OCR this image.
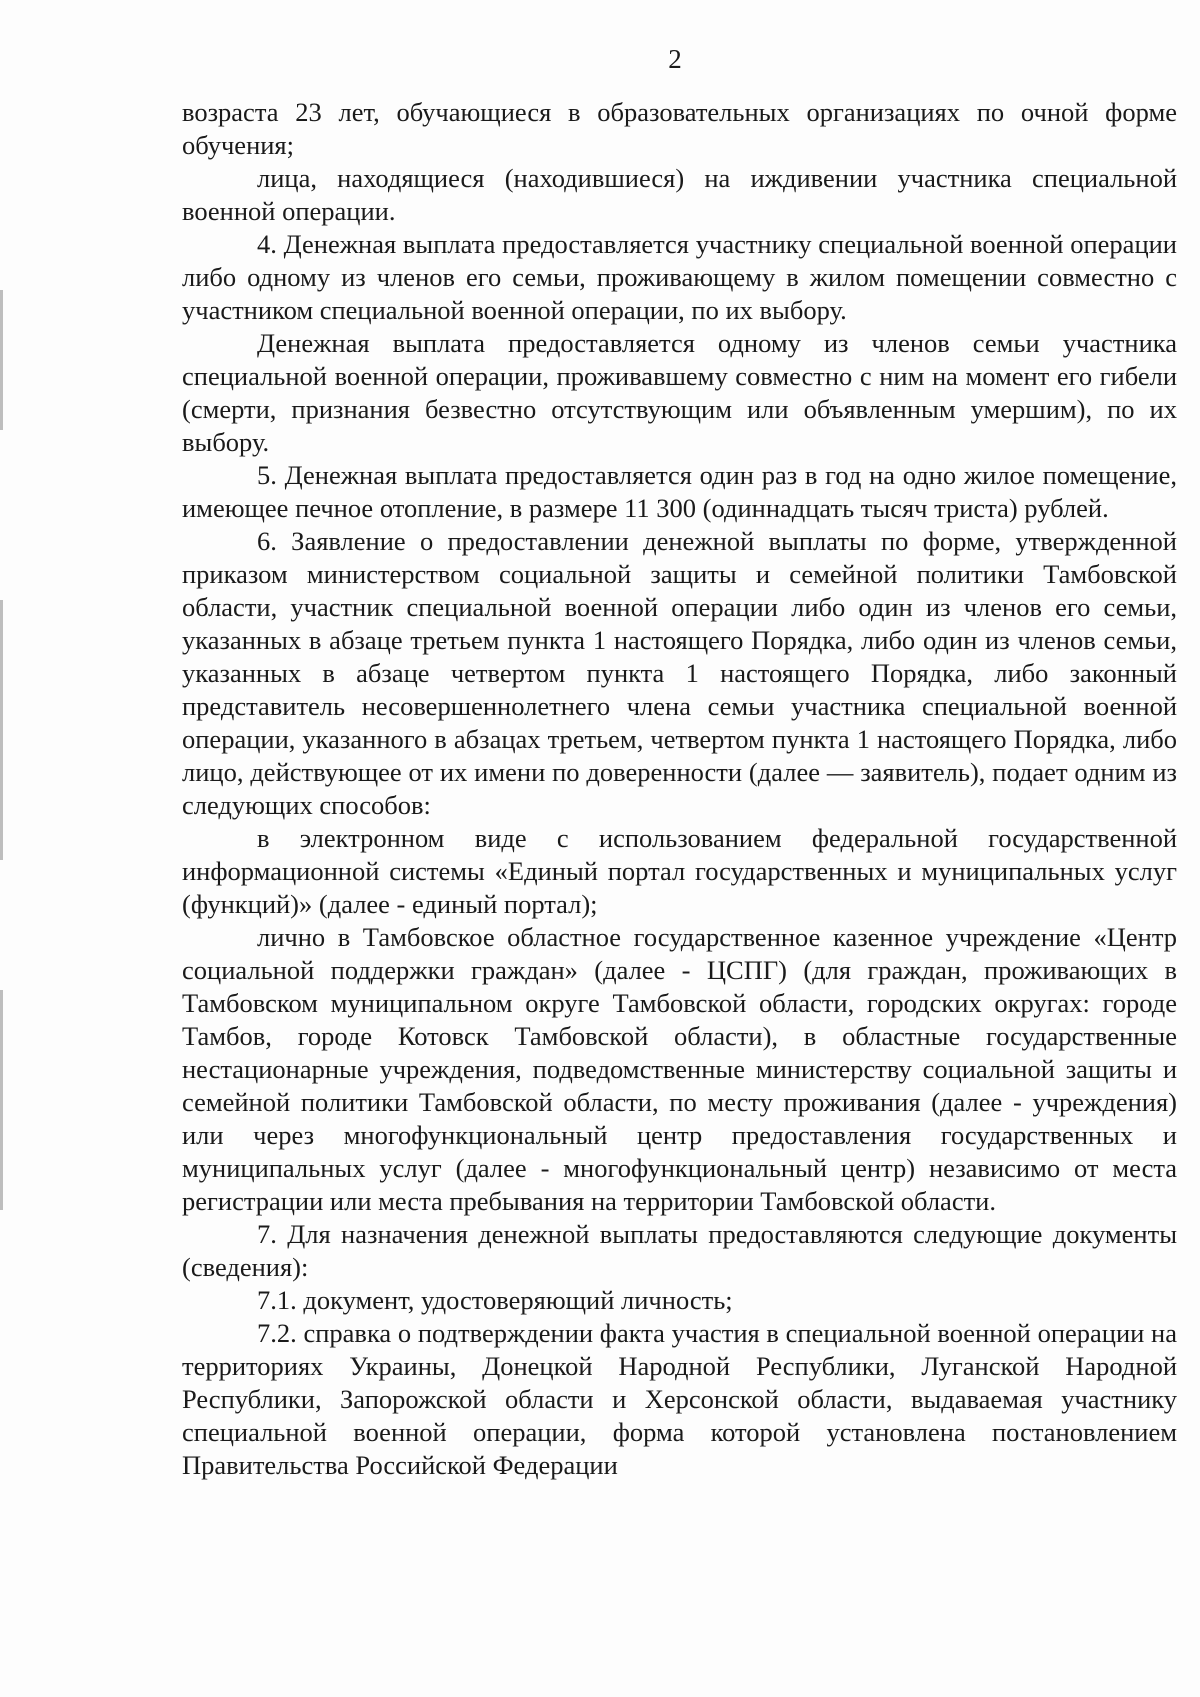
2

возраста 23 лет, обучающиеся в образовательных организациях по очной форме обучения;

лица, находящиеся (находившиеся) на иждивении участника специальной военной операции.

4. Денежная выплата предоставляется участнику специальной военной операции либо одному из членов его семьи, проживающему в жилом помещении совместно с участником специальной военной операции, по их выбору.

Денежная выплата предоставляется одному из членов семьи участника специальной военной операции, проживавшему совместно с ним на момент его гибели (смерти, признания безвестно отсутствующим или объявленным умершим), по их выбору.

5. Денежная выплата предоставляется один раз в год на одно жилое помещение, имеющее печное отопление, в размере 11 300 (одиннадцать тысяч триста) рублей.

6. Заявление о предоставлении денежной выплаты по форме, утвержденной приказом министерством социальной защиты и семейной политики Тамбовской области, участник специальной военной операции либо один из членов его семьи, указанных в абзаце третьем пункта 1 настоящего Порядка, либо один из членов семьи, указанных в абзаце четвертом пункта 1 настоящего Порядка, либо законный представитель несовершеннолетнего члена семьи участника специальной военной операции, указанного в абзацах третьем, четвертом пункта 1 настоящего Порядка, либо лицо, действующее от их имени по доверенности (далее — заявитель), подает одним из следующих способов:

в электронном виде с использованием федеральной государственной информационной системы «Единый портал государственных и муниципальных услуг (функций)» (далее - единый портал);

лично в Тамбовское областное государственное казенное учреждение «Центр социальной поддержки граждан» (далее - ЦСПГ) (для граждан, проживающих в Тамбовском муниципальном округе Тамбовской области, городских округах: городе Тамбов, городе Котовск Тамбовской области), в областные государственные нестационарные учреждения, подведомственные министерству социальной защиты и семейной политики Тамбовской области, по месту проживания (далее - учреждения) или через многофункциональный центр предоставления государственных и муниципальных услуг (далее - многофункциональный центр) независимо от места регистрации или места пребывания на территории Тамбовской области.

7. Для назначения денежной выплаты предоставляются следующие документы (сведения):

7.1. документ, удостоверяющий личность;

7.2. справка о подтверждении факта участия в специальной военной операции на территориях Украины, Донецкой Народной Республики, Луганской Народной Республики, Запорожской области и Херсонской области, выдаваемая участнику специальной военной операции, форма которой установлена постановлением Правительства Российской Федерации
